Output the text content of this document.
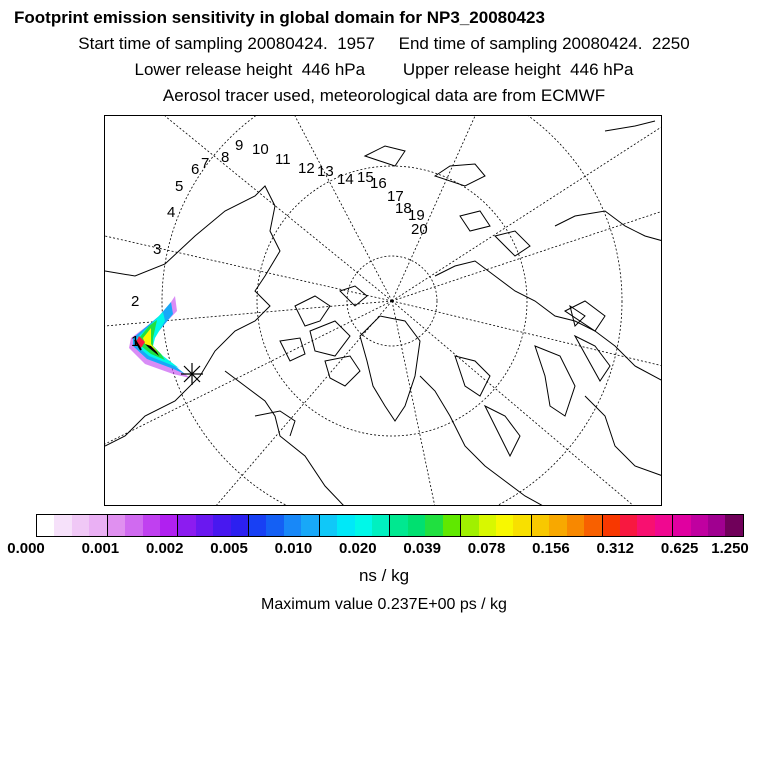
Footprint emission sensitivity in global domain for NP3_20080423
Start time of sampling 20080424.  1957     End time of sampling 20080424.  2250
Lower release height  446 hPa        Upper release height  446 hPa
Aerosol tracer used, meteorological data are from ECMWF
1
2
3
4
5
6 7 8
9 10
11
12 13 14 15
16
17
18
19
20
0.000 0.001 0.002 0.005 0.010 0.020 0.039 0.078 0.156 0.312 0.625 1.250
ns / kg
Maximum value 0.237E+00 ps / kg
